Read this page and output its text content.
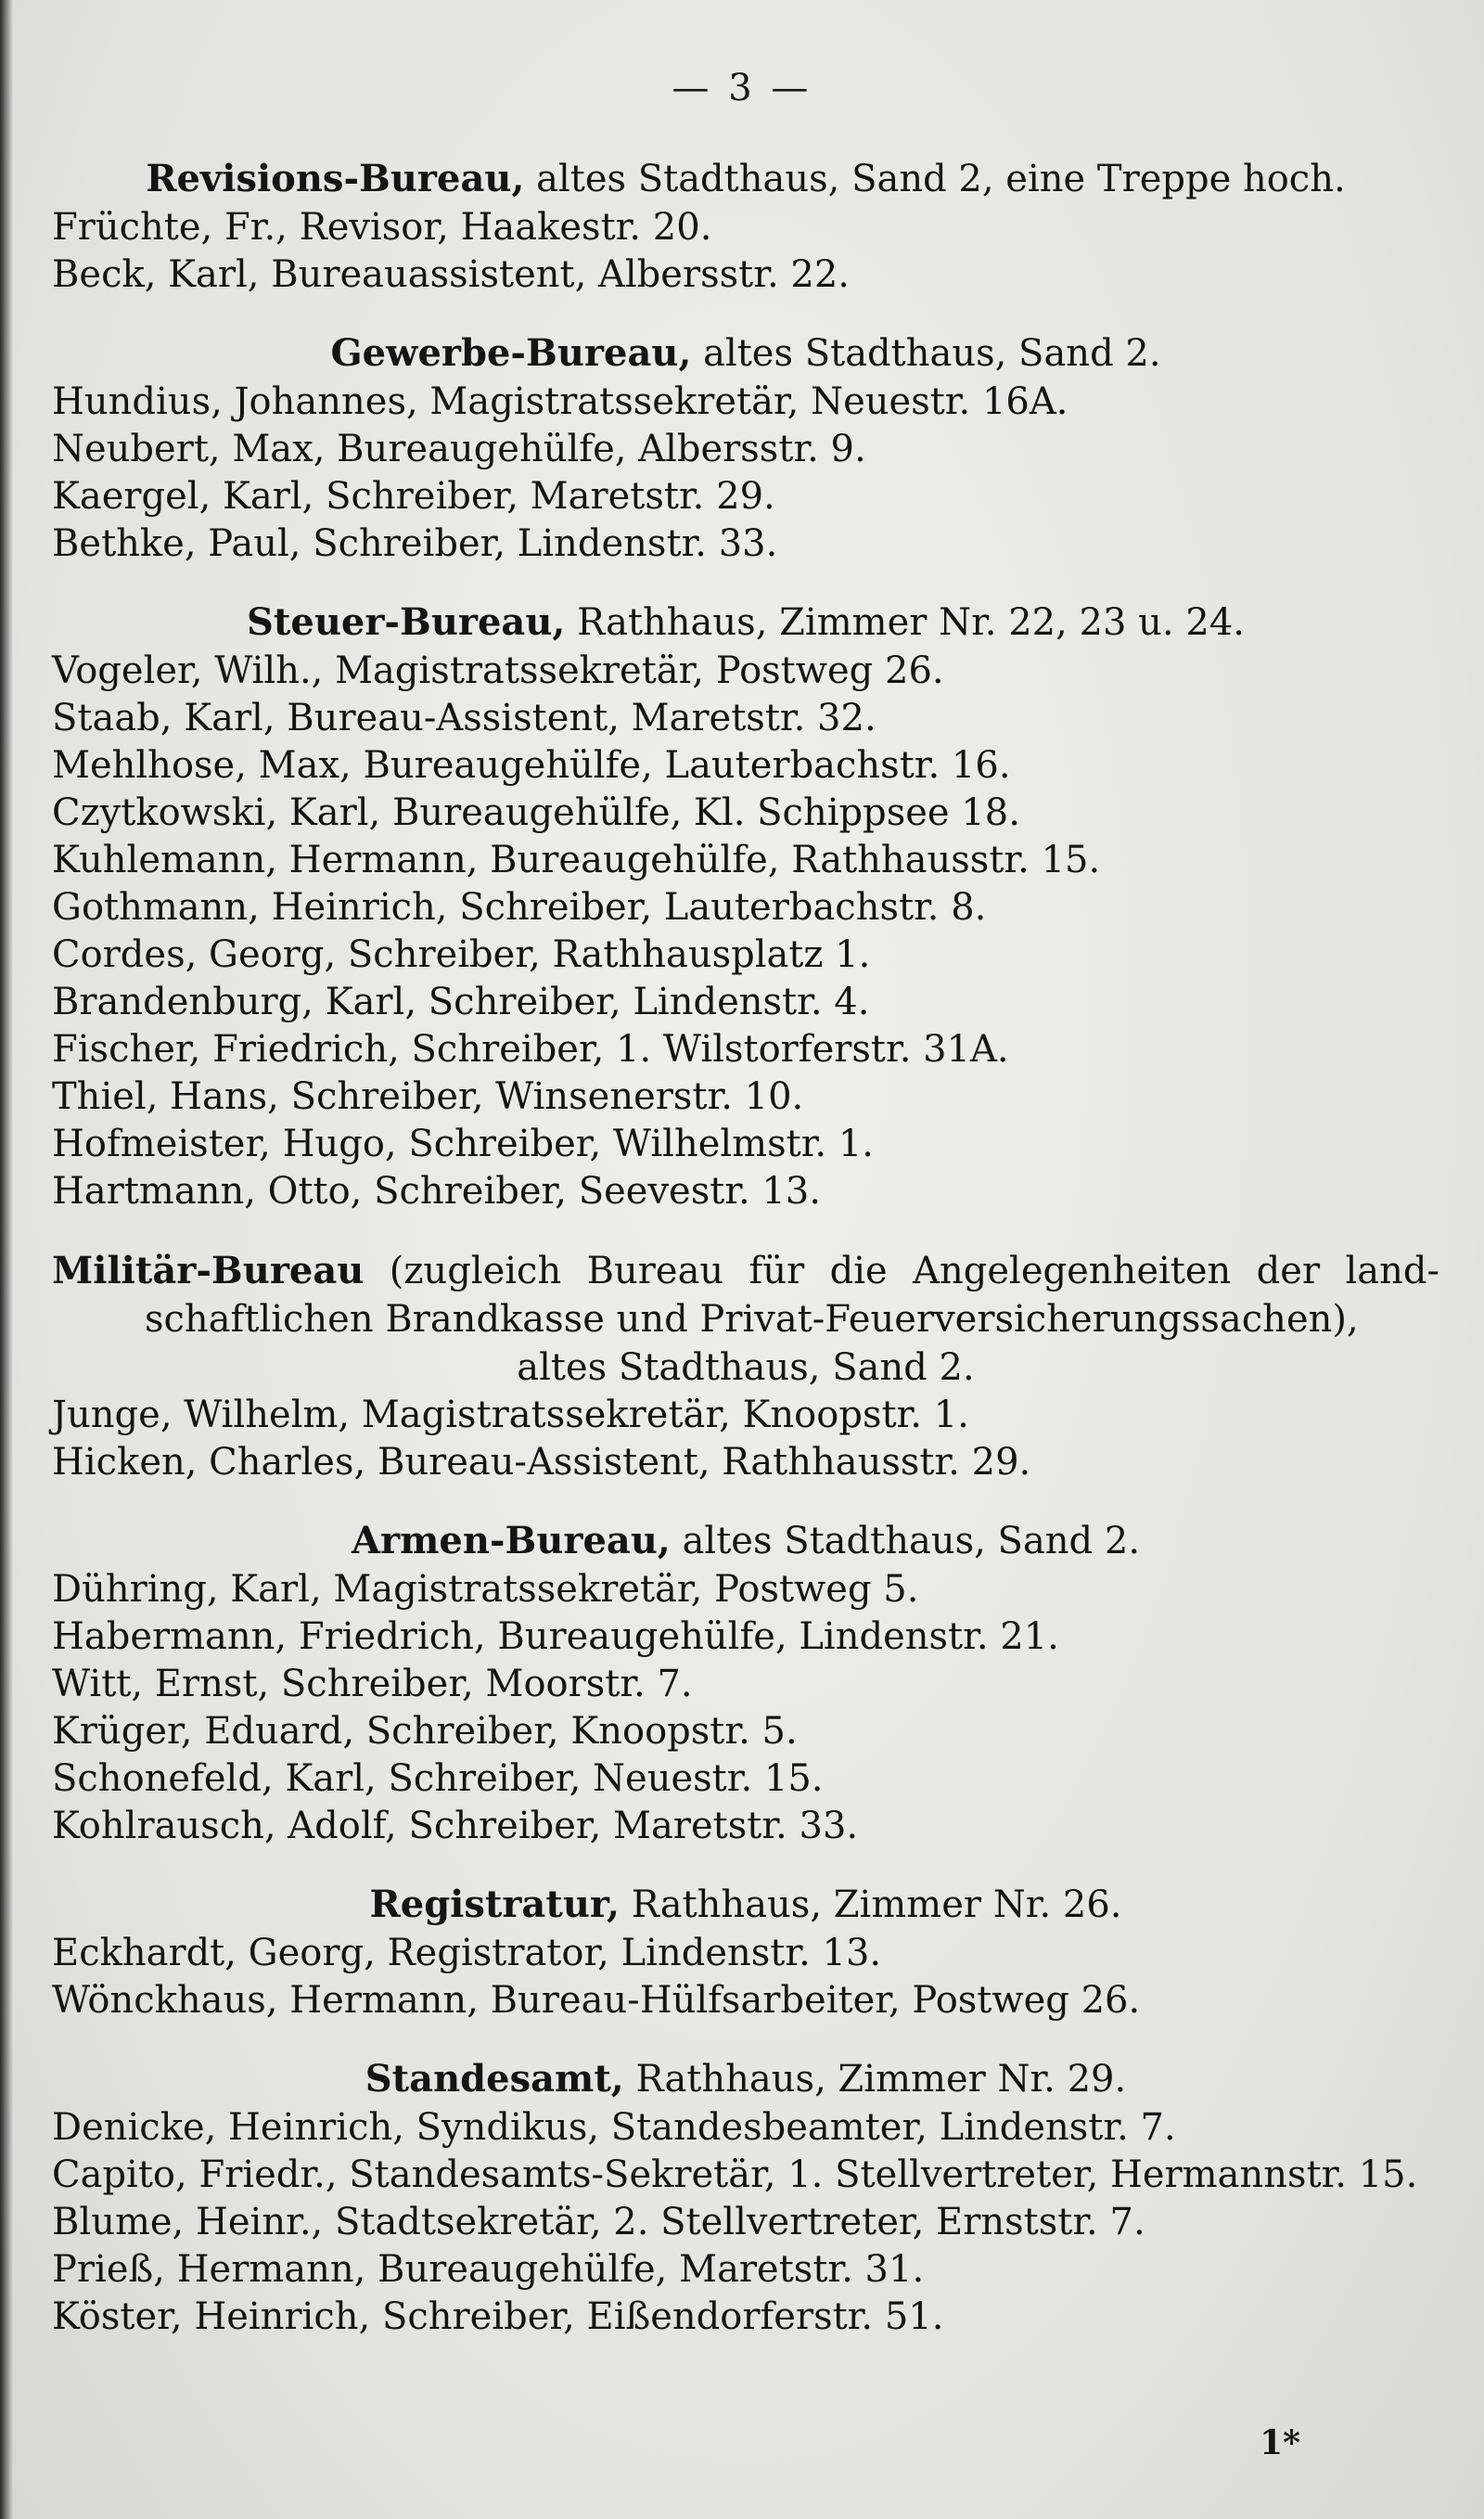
— 3 —
Revisions-Bureau, altes Stadthaus, Sand 2, eine Treppe hoch.
Früchte, Fr., Revisor, Haakestr. 20.
Beck, Karl, Bureauassistent, Albersstr. 22.
Gewerbe-Bureau, altes Stadthaus, Sand 2.
Hundius, Johannes, Magistratssekretär, Neuestr. 16A.
Neubert, Max, Bureaugehülfe, Albersstr. 9.
Kaergel, Karl, Schreiber, Maretstr. 29.
Bethke, Paul, Schreiber, Lindenstr. 33.
Steuer-Bureau, Rathhaus, Zimmer Nr. 22, 23 u. 24.
Vogeler, Wilh., Magistratssekretär, Postweg 26.
Staab, Karl, Bureau-Assistent, Maretstr. 32.
Mehlhose, Max, Bureaugehülfe, Lauterbachstr. 16.
Czytkowski, Karl, Bureaugehülfe, Kl. Schippsee 18.
Kuhlemann, Hermann, Bureaugehülfe, Rathhausstr. 15.
Gothmann, Heinrich, Schreiber, Lauterbachstr. 8.
Cordes, Georg, Schreiber, Rathhausplatz 1.
Brandenburg, Karl, Schreiber, Lindenstr. 4.
Fischer, Friedrich, Schreiber, 1. Wilstorferstr. 31A.
Thiel, Hans, Schreiber, Winsenerstr. 10.
Hofmeister, Hugo, Schreiber, Wilhelmstr. 1.
Hartmann, Otto, Schreiber, Seevestr. 13.
Militär-Bureau (zugleich Bureau für die Angelegenheiten der land-
schaftlichen Brandkasse und Privat-Feuerversicherungssachen),
altes Stadthaus, Sand 2.
Junge, Wilhelm, Magistratssekretär, Knoopstr. 1.
Hicken, Charles, Bureau-Assistent, Rathhausstr. 29.
Armen-Bureau, altes Stadthaus, Sand 2.
Dühring, Karl, Magistratssekretär, Postweg 5.
Habermann, Friedrich, Bureaugehülfe, Lindenstr. 21.
Witt, Ernst, Schreiber, Moorstr. 7.
Krüger, Eduard, Schreiber, Knoopstr. 5.
Schonefeld, Karl, Schreiber, Neuestr. 15.
Kohlrausch, Adolf, Schreiber, Maretstr. 33.
Registratur, Rathhaus, Zimmer Nr. 26.
Eckhardt, Georg, Registrator, Lindenstr. 13.
Wönckhaus, Hermann, Bureau-Hülfsarbeiter, Postweg 26.
Standesamt, Rathhaus, Zimmer Nr. 29.
Denicke, Heinrich, Syndikus, Standesbeamter, Lindenstr. 7.
Capito, Friedr., Standesamts-Sekretär, 1. Stellvertreter, Hermannstr. 15.
Blume, Heinr., Stadtsekretär, 2. Stellvertreter, Ernststr. 7.
Prieß, Hermann, Bureaugehülfe, Maretstr. 31.
Köster, Heinrich, Schreiber, Eißendorferstr. 51.
1*
